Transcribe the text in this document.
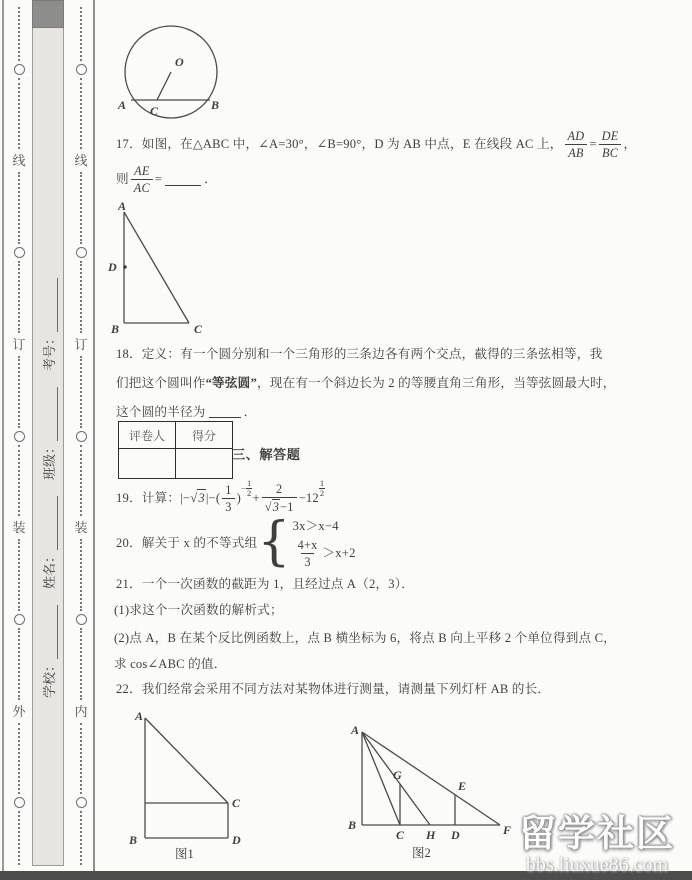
线
订
装
外
学校：
姓名：
班级：
考号：
线
订
装
内
O
A	B
C
17．如图，在△ABC 中，∠A=30°，∠B=90°，D 为 AB 中点，E 在线段 AC 上， $\frac{AD}{AB} = \frac{DE}{BC}$ ，
则 $\frac{AE}{AC}$ =	．
A
B	C
D
18．定义：有一个圆分别和一个三角形的三条边各有两个交点，截得的三条弦相等，我
们把这个圆叫作 “等弦圆” ，现在有一个斜边长为 2 的等腰直角三角形，当等弦圆最大时，
这个圆的半径为	．
评卷人	得分

三、解答题
19．计算： |− √ 3 |−( $\frac{1}{3}$ )
− $\frac{1}{2}$
+ $\frac{2}{√ 3 -1} -12$
1
2
20．解关于 x 的不等式组 { 3x＞x−4
$\frac{4+x}{3} >x+2$
21．一个一次函数的截距为 1，且经过点 A（2，3）．
(1)求这个一次函数的解析式；
(2)点 A，B 在某个反比例函数上，点 B 横坐标为 6，将点 B 向上平移 2 个单位得到点 C，
求 cos∠ABC 的值．
22．我们经常会采用不同方法对某物体进行测量，请测量下列灯杆 AB 的长．
A
B
C
D
图1
A
B
C H D	F
G
E
图2	留学社区
bbs.liuxue86.com
